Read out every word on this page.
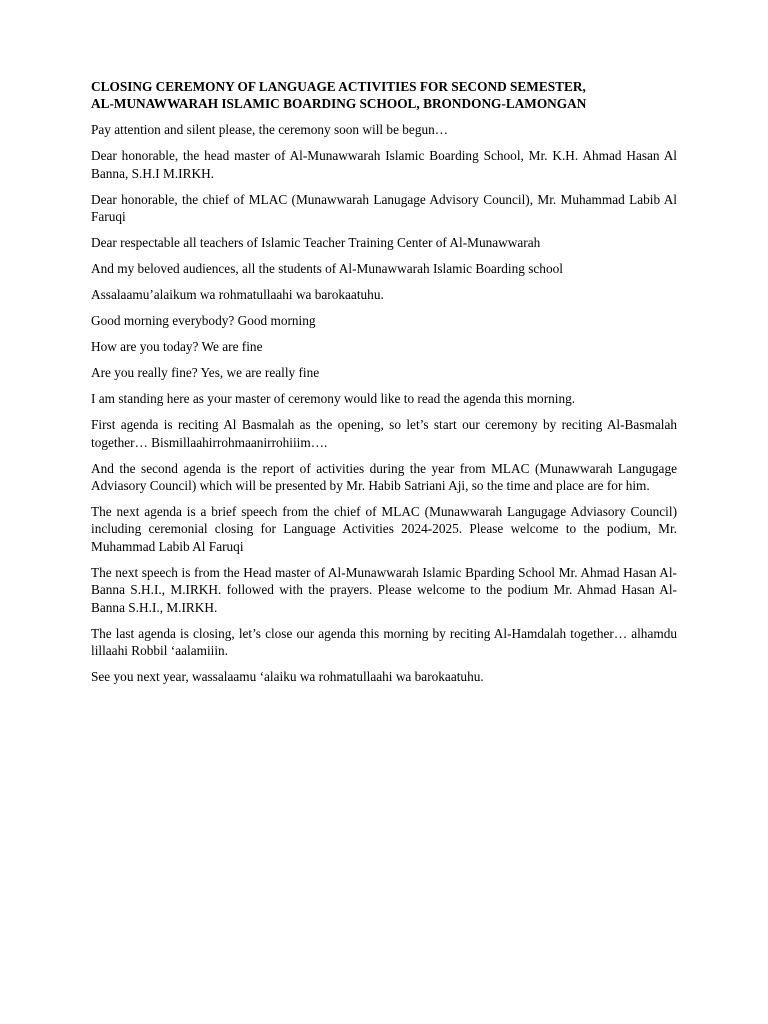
CLOSING CEREMONY OF LANGUAGE ACTIVITIES FOR SECOND SEMESTER,
AL-MUNAWWARAH ISLAMIC BOARDING SCHOOL, BRONDONG-LAMONGAN

Pay attention and silent please, the ceremony soon will be begun…

Dear honorable, the head master of Al-Munawwarah Islamic Boarding School, Mr. K.H. Ahmad Hasan Al Banna, S.H.I M.IRKH.

Dear honorable, the chief of MLAC (Munawwarah Lanugage Advisory Council), Mr. Muhammad Labib Al Faruqi

Dear respectable all teachers of Islamic Teacher Training Center of Al-Munawwarah

And my beloved audiences, all the students of Al-Munawwarah Islamic Boarding school

Assalaamu’alaikum wa rohmatullaahi wa barokaatuhu.

Good morning everybody? Good morning

How are you today? We are fine

Are you really fine? Yes, we are really fine

I am standing here as your master of ceremony would like to read the agenda this morning.

First agenda is reciting Al Basmalah as the opening, so let’s start our ceremony by reciting Al-Basmalah together… Bismillaahirrohmaanirrohiiim….

And the second agenda is the report of activities during the year from MLAC (Munawwarah Langugage Adviasory Council) which will be presented by Mr. Habib Satriani Aji, so the time and place are for him.

The next agenda is a brief speech from the chief of MLAC (Munawwarah Langugage Adviasory Council) including ceremonial closing for Language Activities 2024-2025. Please welcome to the podium, Mr. Muhammad Labib Al Faruqi

The next speech is from the Head master of Al-Munawwarah Islamic Bparding School Mr. Ahmad Hasan Al-Banna S.H.I., M.IRKH. followed with the prayers. Please welcome to the podium Mr. Ahmad Hasan Al-Banna S.H.I., M.IRKH.

The last agenda is closing, let’s close our agenda this morning by reciting Al-Hamdalah together… alhamdu lillaahi Robbil ‘aalamiiin.

See you next year, wassalaamu ‘alaiku wa rohmatullaahi wa barokaatuhu.
